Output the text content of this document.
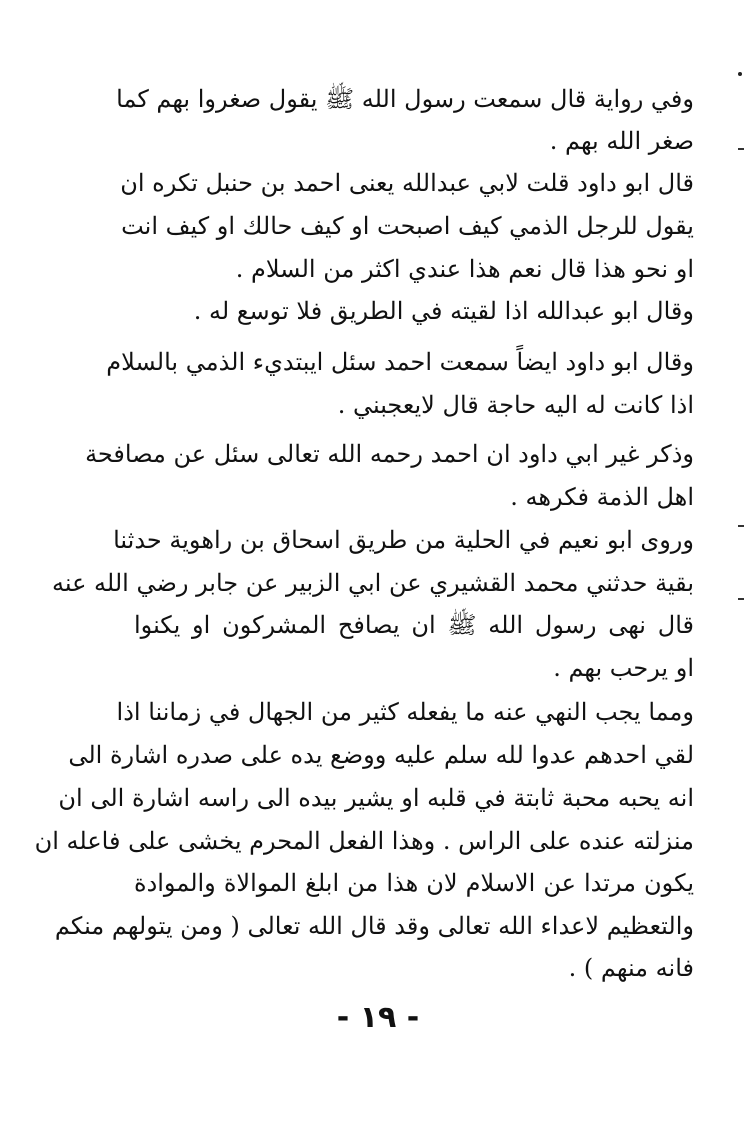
وفي رواية قال سمعت رسول الله ﷺ يقول صغروا بهم كما
صغر الله بهم .
قال ابو داود قلت لابي عبدالله يعنى احمد بن حنبل تكره ان
يقول للرجل الذمي كيف اصبحت او كيف حالك او كيف انت
او نحو هذا قال نعم هذا عندي اكثر من السلام .
وقال ابو عبدالله اذا لقيته في الطريق فلا توسع له .
وقال ابو داود ايضاً سمعت احمد سئل ايبتديء الذمي بالسلام
اذا كانت له اليه حاجة قال لايعجبني .
وذكر غير ابي داود ان احمد رحمه الله تعالى سئل عن مصافحة
اهل الذمة فكرهه .
وروى ابو نعيم في الحلية من طريق اسحاق بن راهوية حدثنا
بقية حدثني محمد القشيري عن ابي الزبير عن جابر رضي الله عنه
قال نهى رسول الله ﷺ ان يصافح المشركون او يكنوا
او يرحب بهم .
ومما يجب النهي عنه ما يفعله كثير من الجهال في زماننا اذا
لقي احدهم عدوا لله سلم عليه ووضع يده على صدره اشارة الى
انه يحبه محبة ثابتة في قلبه او يشير بيده الى راسه اشارة الى ان
منزلته عنده على الراس . وهذا الفعل المحرم يخشى على فاعله ان
يكون مرتدا عن الاسلام لان هذا من ابلغ الموالاة والموادة
والتعظيم لاعداء الله تعالى وقد قال الله تعالى ( ومن يتولهم منكم
فانه منهم ) .
- ١٩ -
